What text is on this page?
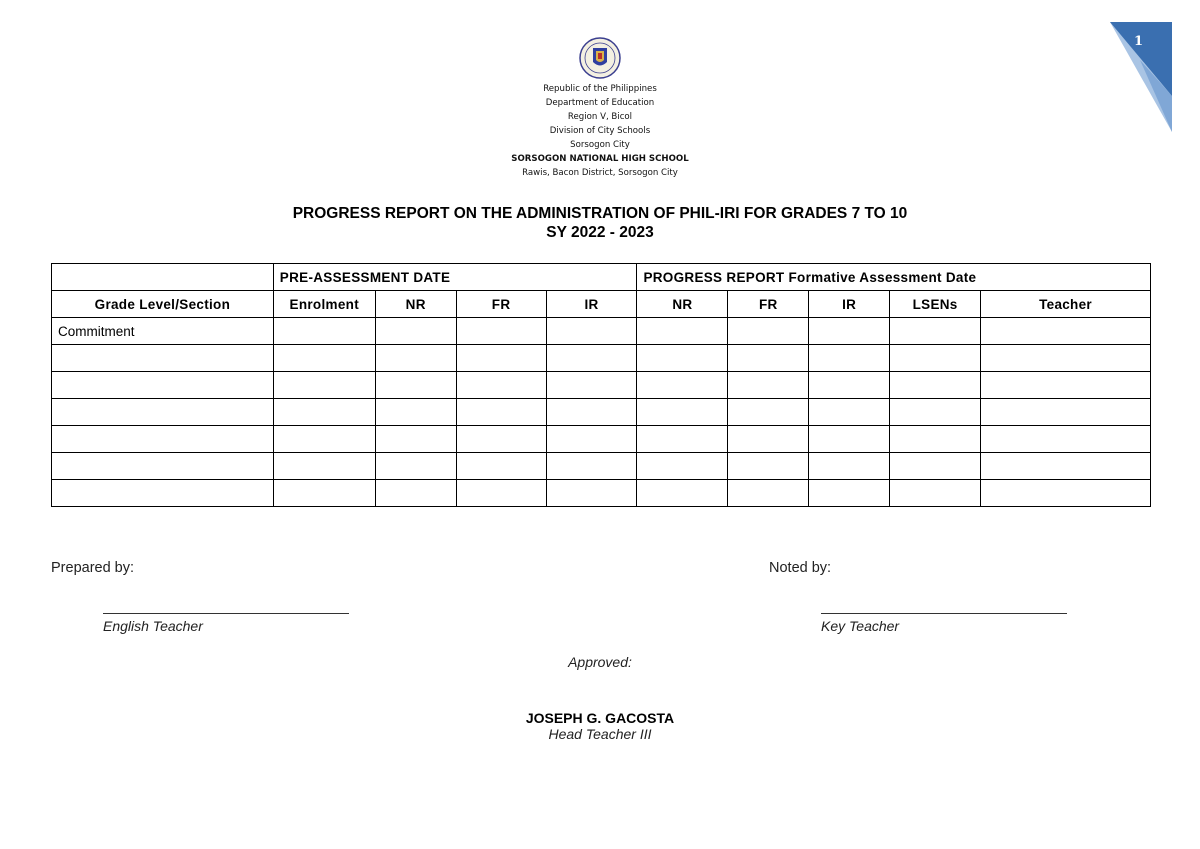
1
Republic of the Philippines
Department of Education
Region V, Bicol
Division of City Schools
Sorsogon City
SORSOGON NATIONAL HIGH SCHOOL
Rawis, Bacon District, Sorsogon City
PROGRESS REPORT ON THE ADMINISTRATION OF PHIL-IRI FOR GRADES 7 TO 10
SY 2022 - 2023
	PRE-ASSESSMENT DATE				PROGRESS REPORT Formative Assessment Date				
Grade Level/Section	Enrolment	NR	FR	IR	NR	FR	IR	LSENs	Teacher
Commitment									

Prepared by:
English Teacher
Noted by:
Key Teacher
Approved:
JOSEPH G. GACOSTA
Head Teacher III
